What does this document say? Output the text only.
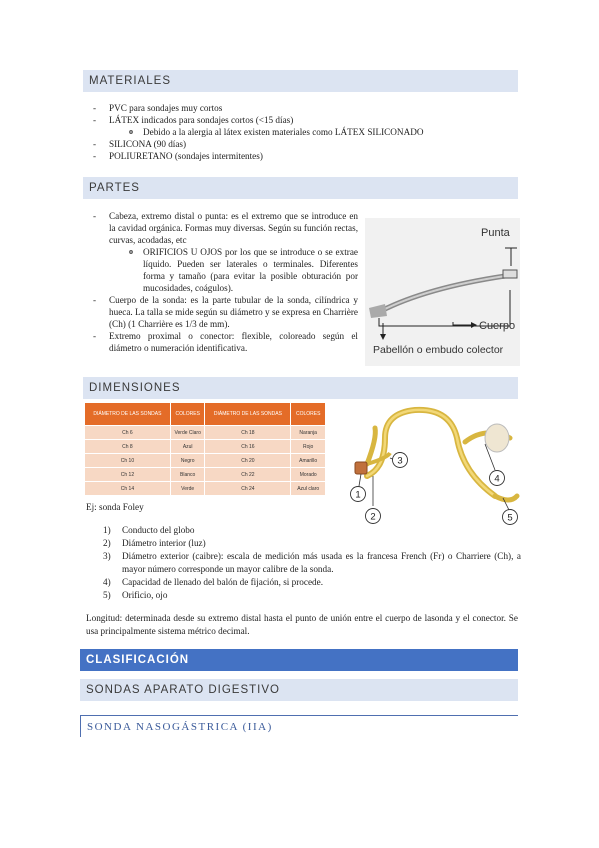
MATERIALES
- PVC para sondajes muy cortos
- LÁTEX indicados para sondajes cortos (<15 días)
o Debido a la alergia al látex existen materiales como LÁTEX SILICONADO
- SILICONA (90 días)
- POLIURETANO (sondajes intermitentes)
PARTES
- Cabeza, extremo distal o punta: es el extremo que se introduce en la cavidad orgánica. Formas muy diversas. Según su función rectas, curvas, acodadas, etc
o ORIFICIOS U OJOS por los que se introduce o se extrae líquido. Pueden ser laterales o terminales. Diferentes forma y tamaño (para evitar la posible obturación por mucosidades, coágulos).
- Cuerpo de la sonda: es la parte tubular de la sonda, cilíndrica y hueca. La talla se mide según su diámetro y se expresa en Charrière (Ch) (1 Charrière es 1/3 de mm).
- Extremo proximal o conector: flexible, coloreado según el diámetro o numeración identificativa.
Punta
Cuerpo
Pabellón o embudo colector
DIMENSIONES
DIÁMETRO DE LAS SONDAS	COLORES	DIÁMETRO DE LAS SONDAS	COLORES
Ch 6	Verde Claro	Ch 18	Naranja
Ch 8	Azul	Ch 16	Rojo
Ch 10	Negro	Ch 20	Amarillo
Ch 12	Blanco	Ch 22	Morado
Ch 14	Verde	Ch 24	Azul claro
1
2
3
4
5
Ej: sonda Foley
1) Conducto del globo
2) Diámetro interior (luz)
3) Diámetro exterior (caibre): escala de medición más usada es la francesa French (Fr) o Charriere (Ch), a mayor número corresponde un mayor calibre de la sonda.
4) Capacidad de llenado del balón de fijación, si procede.
5) Orificio, ojo
Longitud: determinada desde su extremo distal hasta el punto de unión entre el cuerpo de lasonda y el conector. Se usa principalmente sistema métrico decimal.
CLASIFICACIÓN
SONDAS APARATO DIGESTIVO
SONDA NASOGÁSTRICA (IIA)
